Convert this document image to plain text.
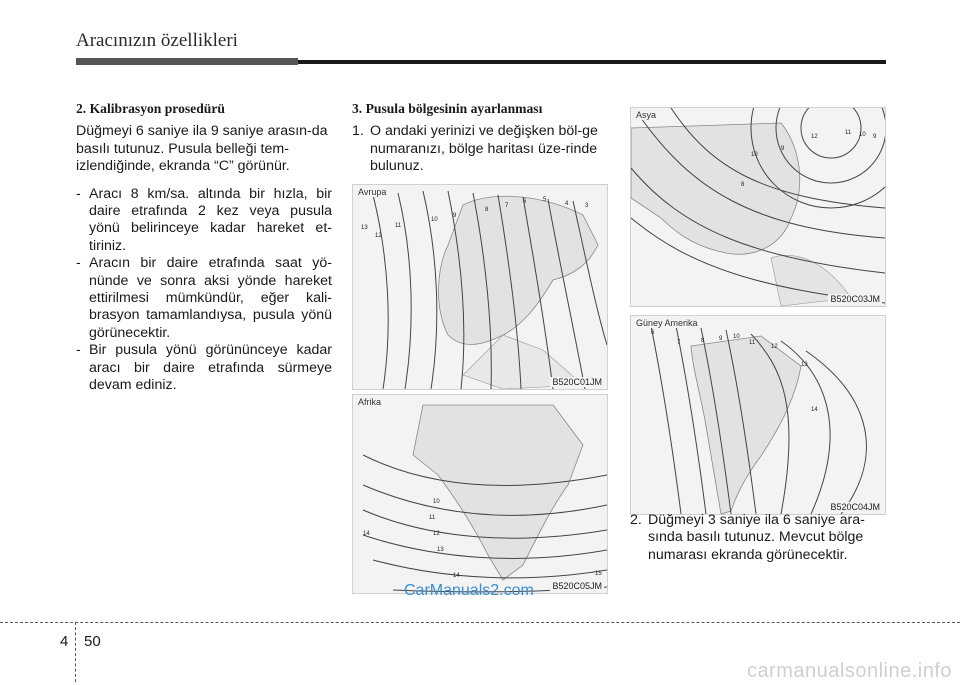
Aracınızın özellikleri
2. Kalibrasyon prosedürü

Düğmeyi 6 saniye ila 9 saniye arasın-da basılı tutunuz. Pusula belleği tem-izlendiğinde, ekranda “C” görünür.

- Aracı 8 km/sa. altında bir hızla, bir daire etrafında 2 kez veya pusula yönü belirinceye kadar hareket et-tiriniz.
- Aracın bir daire etrafında saat yö-nünde ve sonra aksi yönde hareket ettirilmesi mümkündür, eğer kali-brasyon tamamlandıysa, pusula yönü görünecektir.
- Bir pusula yönü görününceye kadar aracı bir daire etrafında sürmeye devam ediniz.
3. Pusula bölgesinin ayarlanması

1. O andaki yerinizi ve değişken böl-ge numaranızı, bölge haritası üze-rinde bulunuz.

13
12
11
10
9
8
7
6	5
4	3
Avrupa
B520C01JM
10
11
12
13
14	15
14
Afrika
B520C05JM
12
11 10 9
10
9
8
Asya
B520C03JM
6
7	8 9 10
11
12
13
14
Güney Amerika
B520C04JM

2. Düğmeyi 3 saniye ila 6 saniye ara-sında basılı tutunuz. Mevcut bölge numarası ekranda görünecektir.

CarManuals2.com
4 50
carmanualsonline.info
